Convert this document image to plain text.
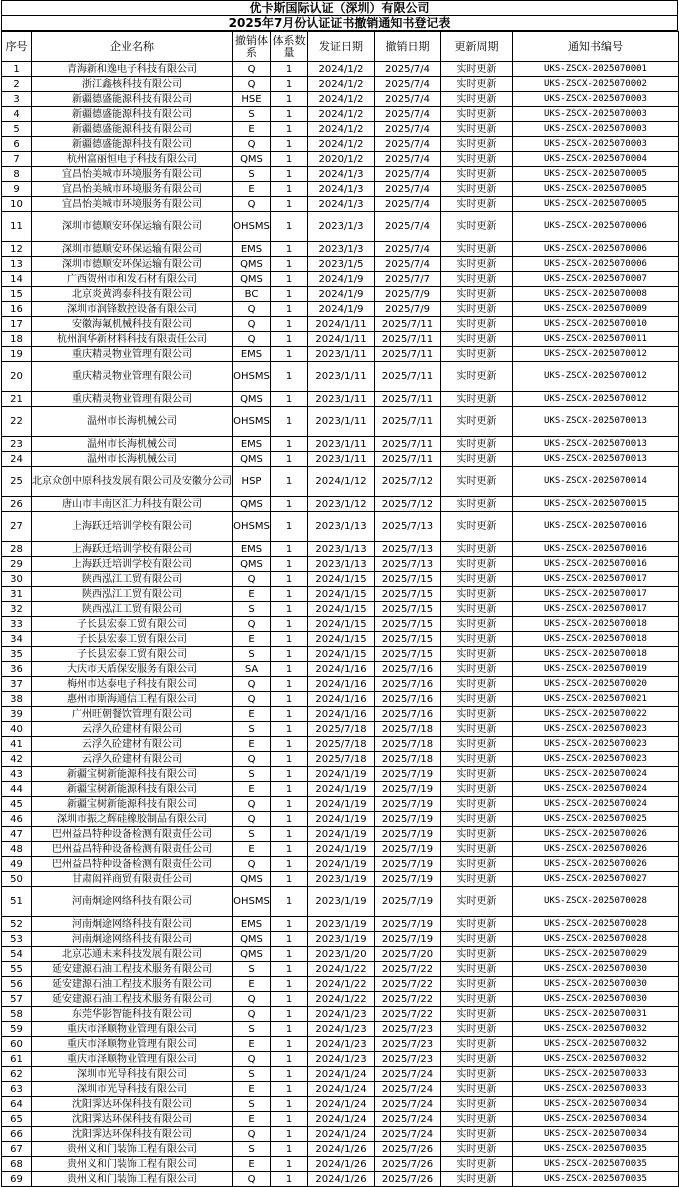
优卡斯国际认证（深圳）有限公司
2025年7月份认证证书撤销通知书登记表
序号	企业名称	撤销体系	体系数量	发证日期	撤销日期	更新周期	通知书编号
1	青海新和逸电子科技有限公司	Q	1	2024/1/2	2025/7/4	实时更新	UKS-ZSCX-2025070001
2	浙江鑫核科技有限公司	Q	1	2024/1/2	2025/7/4	实时更新	UKS-ZSCX-2025070002
3	新疆德盛能源科技有限公司	HSE	1	2024/1/2	2025/7/4	实时更新	UKS-ZSCX-2025070003
4	新疆德盛能源科技有限公司	S	1	2024/1/2	2025/7/4	实时更新	UKS-ZSCX-2025070003
5	新疆德盛能源科技有限公司	E	1	2024/1/2	2025/7/4	实时更新	UKS-ZSCX-2025070003
6	新疆德盛能源科技有限公司	Q	1	2024/1/2	2025/7/4	实时更新	UKS-ZSCX-2025070003
7	杭州富丽恒电子科技有限公司	QMS	1	2020/1/2	2025/7/4	实时更新	UKS-ZSCX-2025070004
8	宜昌怡美城市环境服务有限公司	S	1	2024/1/3	2025/7/4	实时更新	UKS-ZSCX-2025070005
9	宜昌怡美城市环境服务有限公司	E	1	2024/1/3	2025/7/4	实时更新	UKS-ZSCX-2025070005
10	宜昌怡美城市环境服务有限公司	Q	1	2024/1/3	2025/7/4	实时更新	UKS-ZSCX-2025070005
11	深圳市德顺安环保运输有限公司	OHSMS	1	2023/1/3	2025/7/4	实时更新	UKS-ZSCX-2025070006
12	深圳市德顺安环保运输有限公司	EMS	1	2023/1/3	2025/7/4	实时更新	UKS-ZSCX-2025070006
13	深圳市德顺安环保运输有限公司	QMS	1	2023/1/5	2025/7/4	实时更新	UKS-ZSCX-2025070006
14	广西贺州市和发石材有限公司	QMS	1	2024/1/9	2025/7/7	实时更新	UKS-ZSCX-2025070007
15	北京炎黄鸿泰科技有限公司	BC	1	2024/1/9	2025/7/9	实时更新	UKS-ZSCX-2025070008
16	深圳市润锋数控设备有限公司	Q	1	2024/1/9	2025/7/9	实时更新	UKS-ZSCX-2025070009
17	安徽海氟机械科技有限公司	Q	1	2024/1/11	2025/7/11	实时更新	UKS-ZSCX-2025070010
18	杭州润华新材料科技有限责任公司	Q	1	2024/1/11	2025/7/11	实时更新	UKS-ZSCX-2025070011
19	重庆精灵物业管理有限公司	EMS	1	2023/1/11	2025/7/11	实时更新	UKS-ZSCX-2025070012
20	重庆精灵物业管理有限公司	OHSMS	1	2023/1/11	2025/7/11	实时更新	UKS-ZSCX-2025070012
21	重庆精灵物业管理有限公司	QMS	1	2023/1/11	2025/7/11	实时更新	UKS-ZSCX-2025070012
22	温州市长海机械公司	OHSMS	1	2023/1/11	2025/7/11	实时更新	UKS-ZSCX-2025070013
23	温州市长海机械公司	EMS	1	2023/1/11	2025/7/11	实时更新	UKS-ZSCX-2025070013
24	温州市长海机械公司	QMS	1	2023/1/11	2025/7/11	实时更新	UKS-ZSCX-2025070013
25	北京众创中原科技发展有限公司及安徽分公司	HSP	1	2024/1/12	2025/7/12	实时更新	UKS-ZSCX-2025070014
26	唐山市丰南区汇力科技有限公司	QMS	1	2023/1/12	2025/7/12	实时更新	UKS-ZSCX-2025070015
27	上海跃迁培训学校有限公司	OHSMS	1	2023/1/13	2025/7/13	实时更新	UKS-ZSCX-2025070016
28	上海跃迁培训学校有限公司	EMS	1	2023/1/13	2025/7/13	实时更新	UKS-ZSCX-2025070016
29	上海跃迁培训学校有限公司	QMS	1	2023/1/13	2025/7/13	实时更新	UKS-ZSCX-2025070016
30	陕西泓江工贸有限公司	Q	1	2024/1/15	2025/7/15	实时更新	UKS-ZSCX-2025070017
31	陕西泓江工贸有限公司	E	1	2024/1/15	2025/7/15	实时更新	UKS-ZSCX-2025070017
32	陕西泓江工贸有限公司	S	1	2024/1/15	2025/7/15	实时更新	UKS-ZSCX-2025070017
33	子长县宏泰工贸有限公司	Q	1	2024/1/15	2025/7/15	实时更新	UKS-ZSCX-2025070018
34	子长县宏泰工贸有限公司	E	1	2024/1/15	2025/7/15	实时更新	UKS-ZSCX-2025070018
35	子长县宏泰工贸有限公司	S	1	2024/1/15	2025/7/15	实时更新	UKS-ZSCX-2025070018
36	大庆市天盾保安服务有限公司	SA	1	2024/1/16	2025/7/16	实时更新	UKS-ZSCX-2025070019
37	梅州市达泰电子科技有限公司	Q	1	2024/1/16	2025/7/16	实时更新	UKS-ZSCX-2025070020
38	惠州市斯海通信工程有限公司	Q	1	2024/1/16	2025/7/16	实时更新	UKS-ZSCX-2025070021
39	广州旺朝餐饮管理有限公司	E	1	2024/1/16	2025/7/16	实时更新	UKS-ZSCX-2025070022
40	云浮久砼建材有限公司	S	1	2025/7/18	2025/7/18	实时更新	UKS-ZSCX-2025070023
41	云浮久砼建材有限公司	E	1	2025/7/18	2025/7/18	实时更新	UKS-ZSCX-2025070023
42	云浮久砼建材有限公司	Q	1	2025/7/18	2025/7/18	实时更新	UKS-ZSCX-2025070023
43	新疆宝树新能源科技有限公司	S	1	2024/1/19	2025/7/19	实时更新	UKS-ZSCX-2025070024
44	新疆宝树新能源科技有限公司	E	1	2024/1/19	2025/7/19	实时更新	UKS-ZSCX-2025070024
45	新疆宝树新能源科技有限公司	Q	1	2024/1/19	2025/7/19	实时更新	UKS-ZSCX-2025070024
46	深圳市振之辉硅橡胶制品有限公司	Q	1	2024/1/19	2025/7/19	实时更新	UKS-ZSCX-2025070025
47	巴州益昌特种设备检测有限责任公司	S	1	2024/1/19	2025/7/19	实时更新	UKS-ZSCX-2025070026
48	巴州益昌特种设备检测有限责任公司	E	1	2024/1/19	2025/7/19	实时更新	UKS-ZSCX-2025070026
49	巴州益昌特种设备检测有限责任公司	Q	1	2024/1/19	2025/7/19	实时更新	UKS-ZSCX-2025070026
50	甘肃闳祥商贸有限责任公司	QMS	1	2023/1/19	2025/7/19	实时更新	UKS-ZSCX-2025070027
51	河南炯途网络科技有限公司	OHSMS	1	2023/1/19	2025/7/19	实时更新	UKS-ZSCX-2025070028
52	河南炯途网络科技有限公司	EMS	1	2023/1/19	2025/7/19	实时更新	UKS-ZSCX-2025070028
53	河南炯途网络科技有限公司	QMS	1	2023/1/19	2025/7/19	实时更新	UKS-ZSCX-2025070028
54	北京芯通未来科技发展有限公司	QMS	1	2023/1/20	2025/7/20	实时更新	UKS-ZSCX-2025070029
55	延安建源石油工程技术服务有限公司	S	1	2024/1/22	2025/7/22	实时更新	UKS-ZSCX-2025070030
56	延安建源石油工程技术服务有限公司	E	1	2024/1/22	2025/7/22	实时更新	UKS-ZSCX-2025070030
57	延安建源石油工程技术服务有限公司	Q	1	2024/1/22	2025/7/22	实时更新	UKS-ZSCX-2025070030
58	东莞华影智能科技有限公司	Q	1	2024/1/23	2025/7/22	实时更新	UKS-ZSCX-2025070031
59	重庆市泽顺物业管理有限公司	S	1	2024/1/23	2025/7/23	实时更新	UKS-ZSCX-2025070032
60	重庆市泽顺物业管理有限公司	E	1	2024/1/23	2025/7/23	实时更新	UKS-ZSCX-2025070032
61	重庆市泽顺物业管理有限公司	Q	1	2024/1/23	2025/7/23	实时更新	UKS-ZSCX-2025070032
62	深圳市光导科技有限公司	S	1	2024/1/24	2025/7/24	实时更新	UKS-ZSCX-2025070033
63	深圳市光导科技有限公司	E	1	2024/1/24	2025/7/24	实时更新	UKS-ZSCX-2025070033
64	沈阳霁达环保科技有限公司	S	1	2024/1/24	2025/7/24	实时更新	UKS-ZSCX-2025070034
65	沈阳霁达环保科技有限公司	E	1	2024/1/24	2025/7/24	实时更新	UKS-ZSCX-2025070034
66	沈阳霁达环保科技有限公司	Q	1	2024/1/24	2025/7/24	实时更新	UKS-ZSCX-2025070034
67	贵州义和门装饰工程有限公司	S	1	2024/1/26	2025/7/26	实时更新	UKS-ZSCX-2025070035
68	贵州义和门装饰工程有限公司	E	1	2024/1/26	2025/7/26	实时更新	UKS-ZSCX-2025070035
69	贵州义和门装饰工程有限公司	Q	1	2024/1/26	2025/7/26	实时更新	UKS-ZSCX-2025070035
